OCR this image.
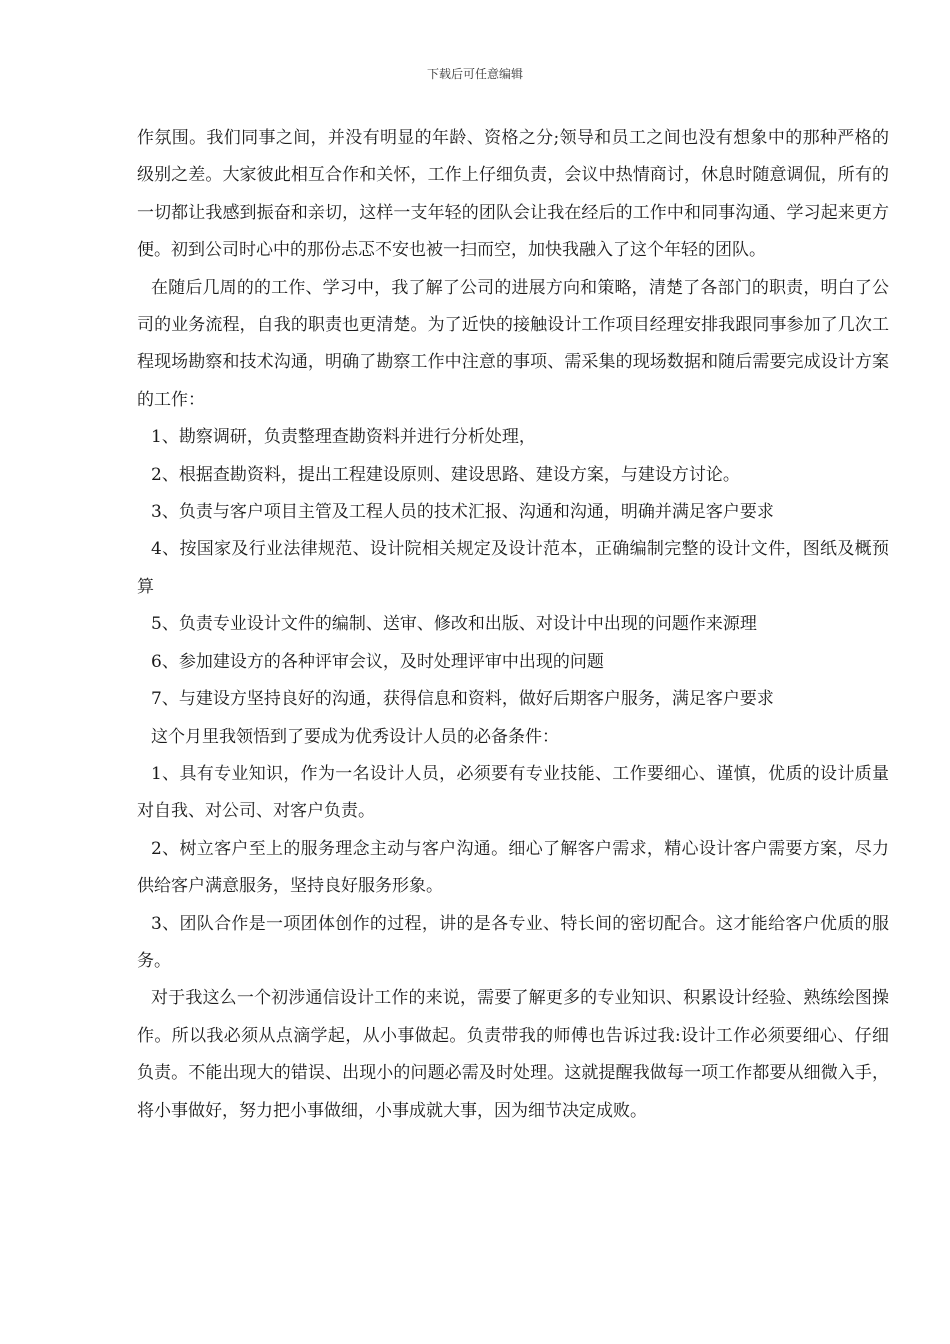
下载后可任意编辑

作氛围。我们同事之间，并没有明显的年龄、资格之分;领导和员工之间也没有想象中的那种严格的级别之差。大家彼此相互合作和关怀，工作上仔细负责，会议中热情商讨，休息时随意调侃，所有的一切都让我感到振奋和亲切，这样一支年轻的团队会让我在经后的工作中和同事沟通、学习起来更方便。初到公司时心中的那份忐忑不安也被一扫而空，加快我融入了这个年轻的团队。

在随后几周的的工作、学习中，我了解了公司的进展方向和策略，清楚了各部门的职责，明白了公司的业务流程，自我的职责也更清楚。为了近快的接触设计工作项目经理安排我跟同事参加了几次工程现场勘察和技术沟通，明确了勘察工作中注意的事项、需采集的现场数据和随后需要完成设计方案的工作：

1、勘察调研，负责整理查勘资料并进行分析处理，

2、根据查勘资料，提出工程建设原则、建设思路、建设方案，与建设方讨论。

3、负责与客户项目主管及工程人员的技术汇报、沟通和沟通，明确并满足客户要求

4、按国家及行业法律规范、设计院相关规定及设计范本，正确编制完整的设计文件，图纸及概预算

5、负责专业设计文件的编制、送审、修改和出版、对设计中出现的问题作来源理

6、参加建设方的各种评审会议，及时处理评审中出现的问题

7、与建设方坚持良好的沟通，获得信息和资料，做好后期客户服务，满足客户要求

这个月里我领悟到了要成为优秀设计人员的必备条件：

1、具有专业知识，作为一名设计人员，必须要有专业技能、工作要细心、谨慎，优质的设计质量对自我、对公司、对客户负责。

2、树立客户至上的服务理念主动与客户沟通。细心了解客户需求，精心设计客户需要方案，尽力供给客户满意服务，坚持良好服务形象。

3、团队合作是一项团体创作的过程，讲的是各专业、特长间的密切配合。这才能给客户优质的服务。

对于我这么一个初涉通信设计工作的来说，需要了解更多的专业知识、积累设计经验、熟练绘图操作。所以我必须从点滴学起，从小事做起。负责带我的师傅也告诉过我:设计工作必须要细心、仔细负责。不能出现大的错误、出现小的问题必需及时处理。这就提醒我做每一项工作都要从细微入手，将小事做好，努力把小事做细，小事成就大事，因为细节决定成败。
